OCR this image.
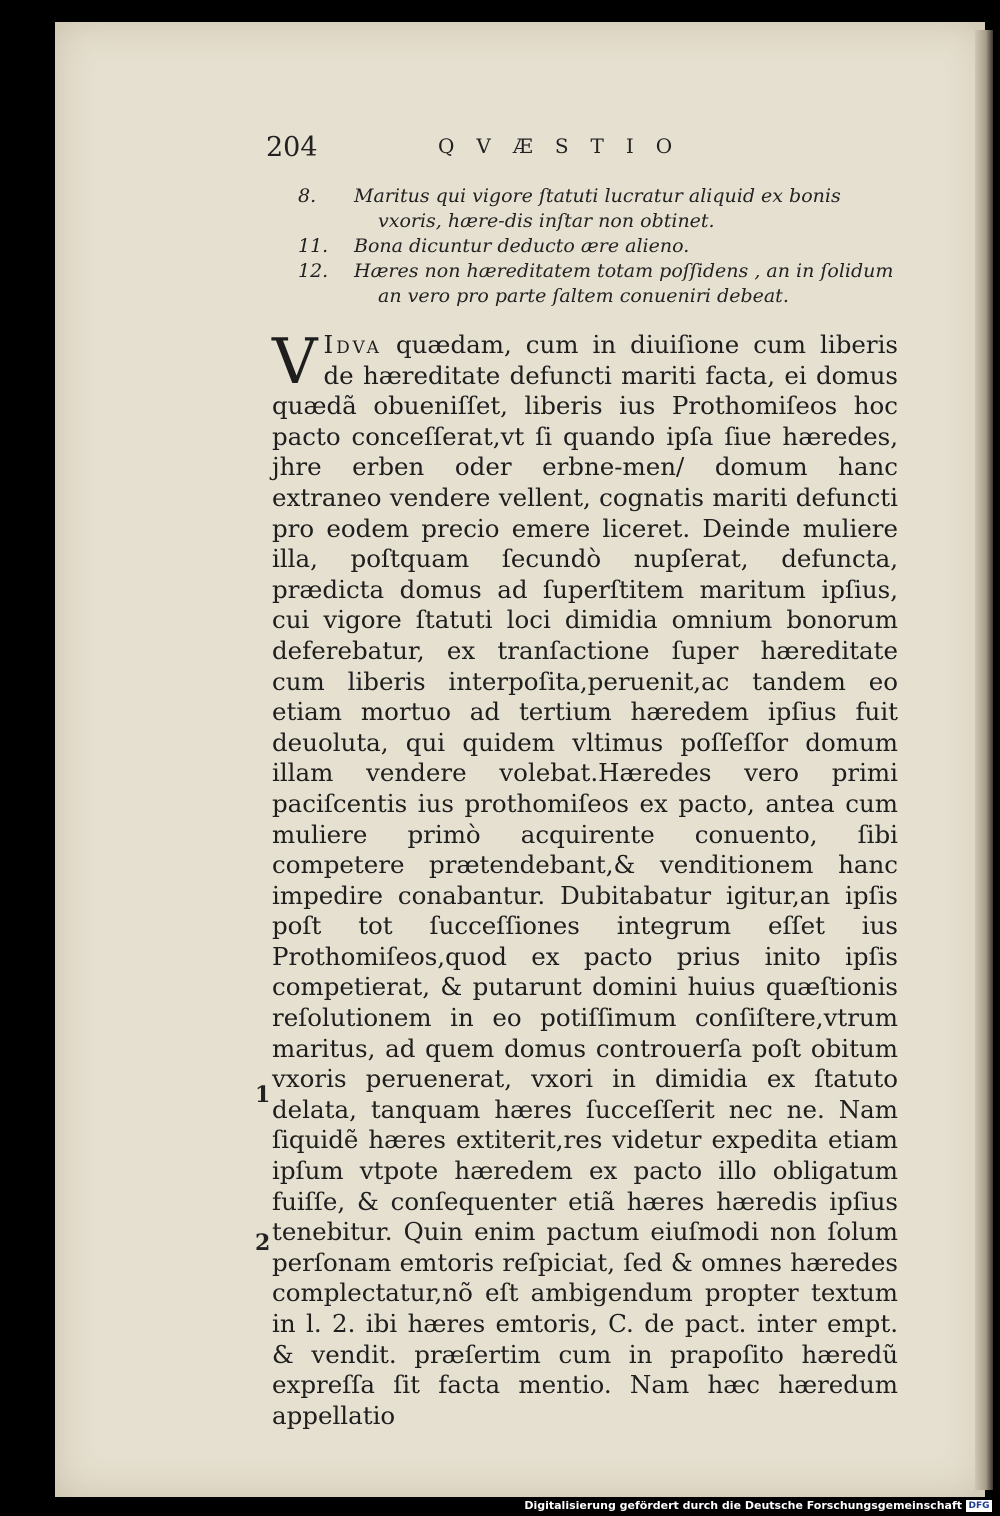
204	QVÆSTIO
8.	Maritus qui vigore ſtatuti lucratur aliquid ex bonis vxoris, hære-dis inſtar non obtinet.
11.	Bona dicuntur deducto ære alieno.
12.	Hæres non hæreditatem totam poſſidens , an in ſolidum an vero pro parte ſaltem conueniri debeat.
V Idva quædam, cum in diuiſione cum liberis de hæreditate defuncti mariti facta, ei domus quædã obueniſſet, liberis ius Prothomiſeos hoc pacto conceſſerat,vt ſi quando ipſa ſiue hæredes, jhre erben oder erbne-men/ domum hanc extraneo vendere vellent, cognatis mariti defuncti pro eodem precio emere liceret. Deinde muliere illa, poſtquam ſecundò nupſerat, defuncta, prædicta domus ad ſuperſtitem maritum ipſius, cui vigore ſtatuti loci dimidia omnium bonorum deferebatur, ex tranſactione ſuper hæreditate cum liberis interpoſita,peruenit,ac tandem eo etiam mortuo ad tertium hæredem ipſius fuit deuoluta, qui quidem vltimus poſſeſſor domum illam vendere volebat.Hæredes vero primi paciſcentis ius prothomiſeos ex pacto, antea cum muliere primò acquirente conuento, ſibi competere prætendebant,& venditionem hanc impedire conabantur. Dubitabatur igitur,an ipſis poſt tot ſucceſſiones integrum eſſet ius Prothomiſeos,quod ex pacto prius inito ipſis competierat, & putarunt domini huius quæſtionis reſolutionem in eo potiſſimum conſiſtere,vtrum maritus, ad quem domus controuerſa poſt obitum vxoris peruenerat, vxori in dimidia ex ſtatuto delata, tanquam hæres ſucceſſerit nec ne. Nam ſiquidẽ hæres extiterit,res videtur expedita etiam ipſum vtpote hæredem ex pacto illo obligatum fuiſſe, & conſequenter etiã hæres hæredis ipſius tenebitur. Quin enim pactum eiuſmodi non ſolum perſonam emtoris reſpiciat, ſed & omnes hæredes complectatur,nõ eſt ambigendum propter textum in l. 2. ibi hæres emtoris, C. de pact. inter empt. & vendit. præſertim cum in prapoſito hæredũ expreſſa ſit facta mentio. Nam hæc hæredum appellatio
1
2
Digitalisierung gefördert durch die Deutsche Forschungsgemeinschaft DFG
